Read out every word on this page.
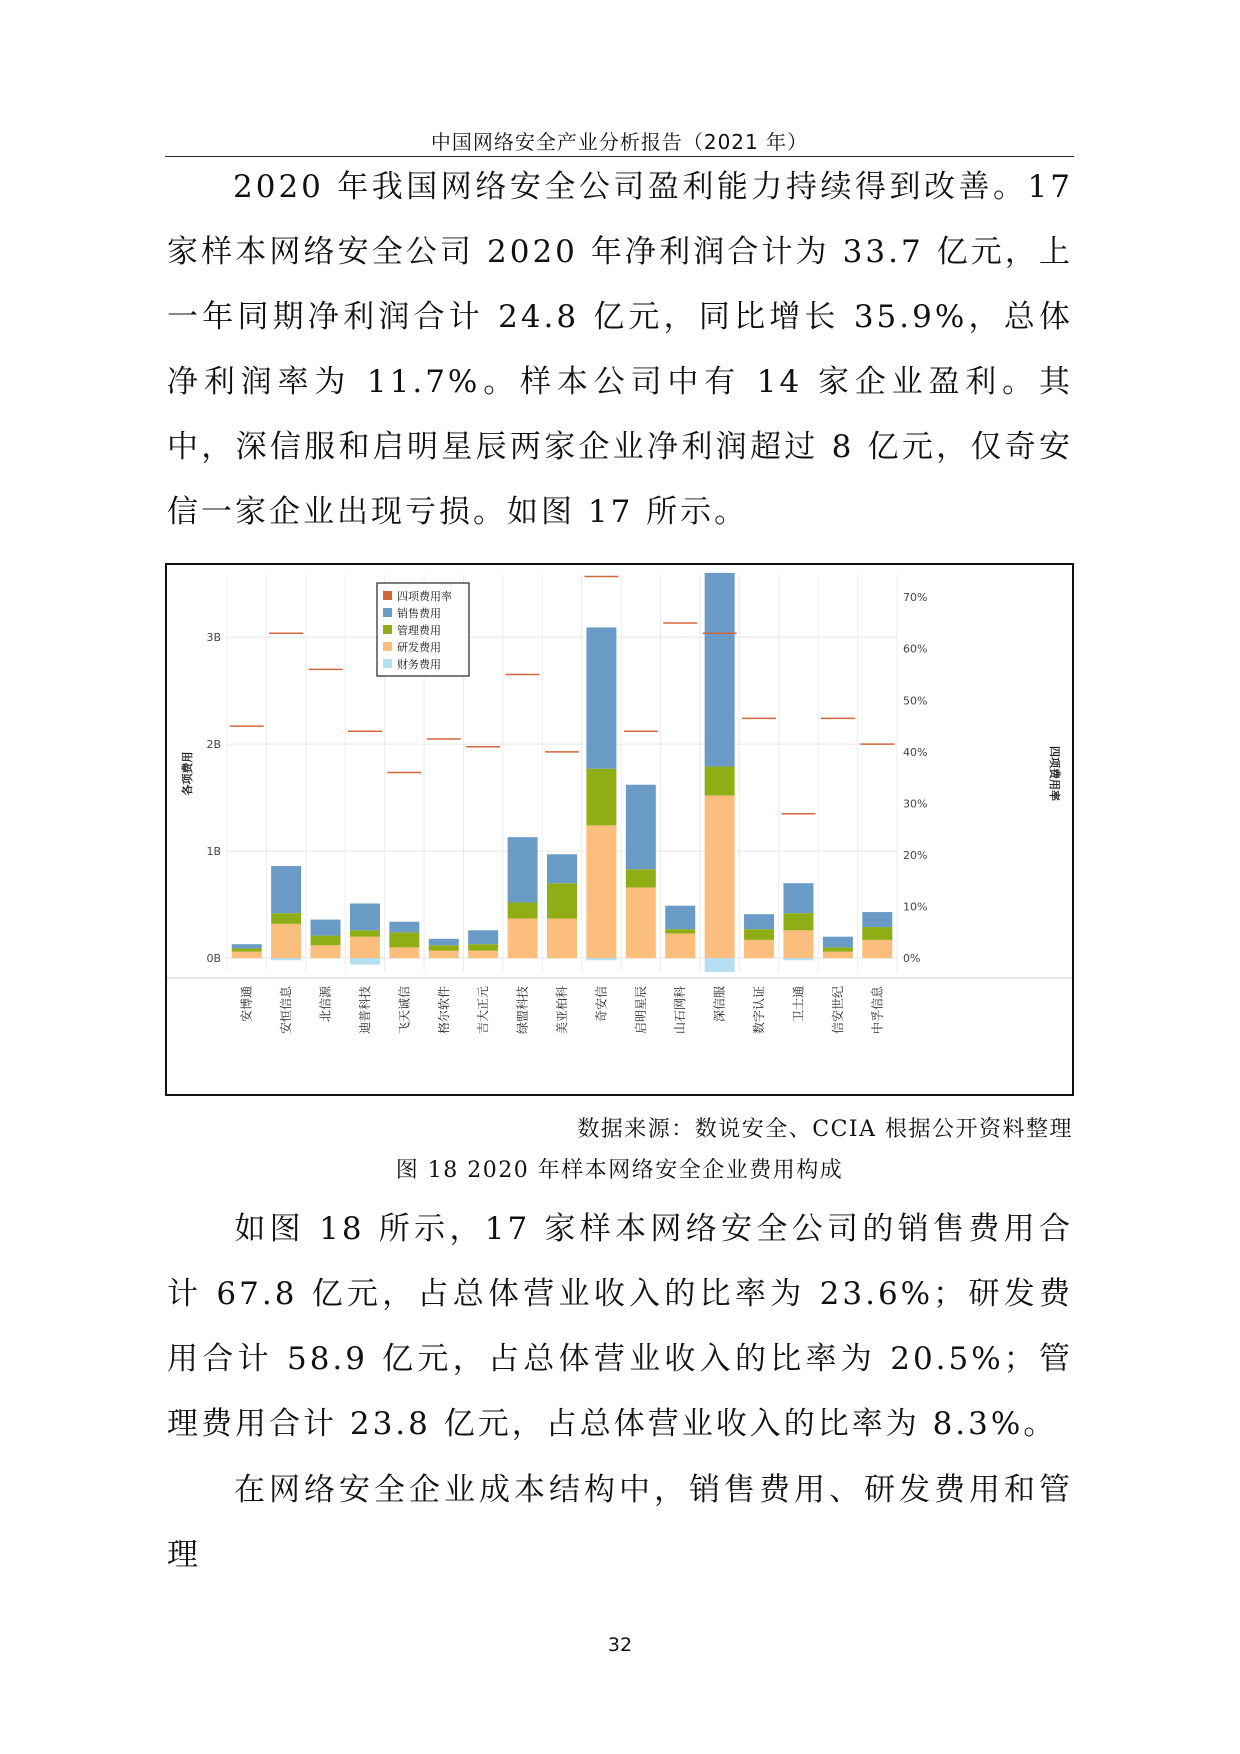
中国网络安全产业分析报告（2021 年）

2020 年我国网络安全公司盈利能力持续得到改善。17 家样本网络安全公司 2020 年净利润合计为 33.7 亿元，上一年同期净利润合计 24.8 亿元，同比增长 35.9%，总体净利润率为 11.7%。样本公司中有 14 家企业盈利。其中，深信服和启明星辰两家企业净利润超过 8 亿元，仅奇安信一家企业出现亏损。如图 17 所示。

0B
1B
2B
3B
0%
10%
20%
30%
40%
50%
60%
70%
各项费用	四项费用率
安博通 安恒信息 北信源 迪普科技 飞天诚信 格尔软件 吉大正元 绿盟科技 美亚柏科 奇安信 启明星辰 山石网科 深信服 数字认证 卫士通 信安世纪 中孚信息
四项费用率
销售费用
管理费用
研发费用
财务费用
数据来源：数说安全、CCIA 根据公开资料整理
图 18 2020 年样本网络安全企业费用构成

如图 18 所示，17 家样本网络安全公司的销售费用合计 67.8 亿元，占总体营业收入的比率为 23.6%；研发费用合计 58.9 亿元，占总体营业收入的比率为 20.5%；管理费用合计 23.8 亿元，占总体营业收入的比率为 8.3%。

在网络安全企业成本结构中，销售费用、研发费用和管理

32
